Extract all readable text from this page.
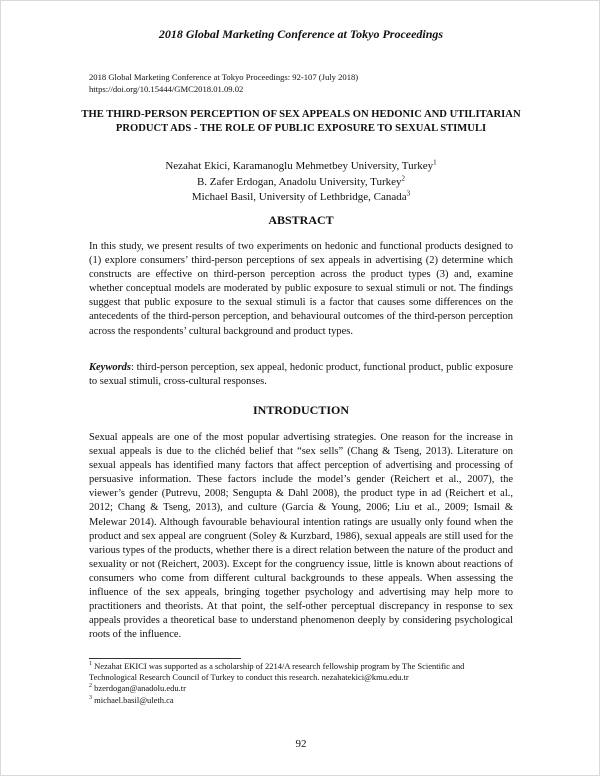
2018 Global Marketing Conference at Tokyo Proceedings
2018 Global Marketing Conference at Tokyo Proceedings: 92-107 (July 2018)
https://doi.org/10.15444/GMC2018.01.09.02
THE THIRD-PERSON PERCEPTION OF SEX APPEALS ON HEDONIC AND UTILITARIAN PRODUCT ADS - THE ROLE OF PUBLIC EXPOSURE TO SEXUAL STIMULI
Nezahat Ekici, Karamanoglu Mehmetbey University, Turkey$^1$
B. Zafer Erdogan, Anadolu University, Turkey$^2$
Michael Basil, University of Lethbridge, Canada$^3$
ABSTRACT
In this study, we present results of two experiments on hedonic and functional products designed to (1) explore consumers’ third-person perceptions of sex appeals in advertising (2) determine which constructs are effective on third-person perception across the product types (3) and, examine whether conceptual models are moderated by public exposure to sexual stimuli or not. The findings suggest that public exposure to the sexual stimuli is a factor that causes some differences on the antecedents of the third-person perception, and behavioural outcomes of the third-person perception across the respondents’ cultural background and product types.
Keywords: third-person perception, sex appeal, hedonic product, functional product, public exposure to sexual stimuli, cross-cultural responses.
INTRODUCTION
Sexual appeals are one of the most popular advertising strategies. One reason for the increase in sexual appeals is due to the clichéd belief that “sex sells” (Chang & Tseng, 2013). Literature on sexual appeals has identified many factors that affect perception of advertising and processing of persuasive information. These factors include the model’s gender (Reichert et al., 2007), the viewer’s gender (Putrevu, 2008; Sengupta & Dahl 2008), the product type in ad (Reichert et al., 2012; Chang & Tseng, 2013), and culture (Garcia & Young, 2006; Liu et al., 2009; Ismail & Melewar 2014). Although favourable behavioural intention ratings are usually only found when the product and sex appeal are congruent (Soley & Kurzbard, 1986), sexual appeals are still used for the various types of the products, whether there is a direct relation between the nature of the product and sexuality or not (Reichert, 2003). Except for the congruency issue, little is known about reactions of consumers who come from different cultural backgrounds to these appeals. When assessing the influence of the sex appeals, bringing together psychology and advertising may help more to practitioners and theorists. At that point, the self-other perceptual discrepancy in response to sex appeals provides a theoretical base to understand phenomenon deeply by considering psychological roots of the influence.
$^1$ Nezahat EKICI was supported as a scholarship of 2214/A research fellowship program by The Scientific and Technological Research Council of Turkey to conduct this research. nezahatekici@kmu.edu.tr
$^2$ bzerdogan@anadolu.edu.tr
$^3$ michael.basil@uleth.ca
92
